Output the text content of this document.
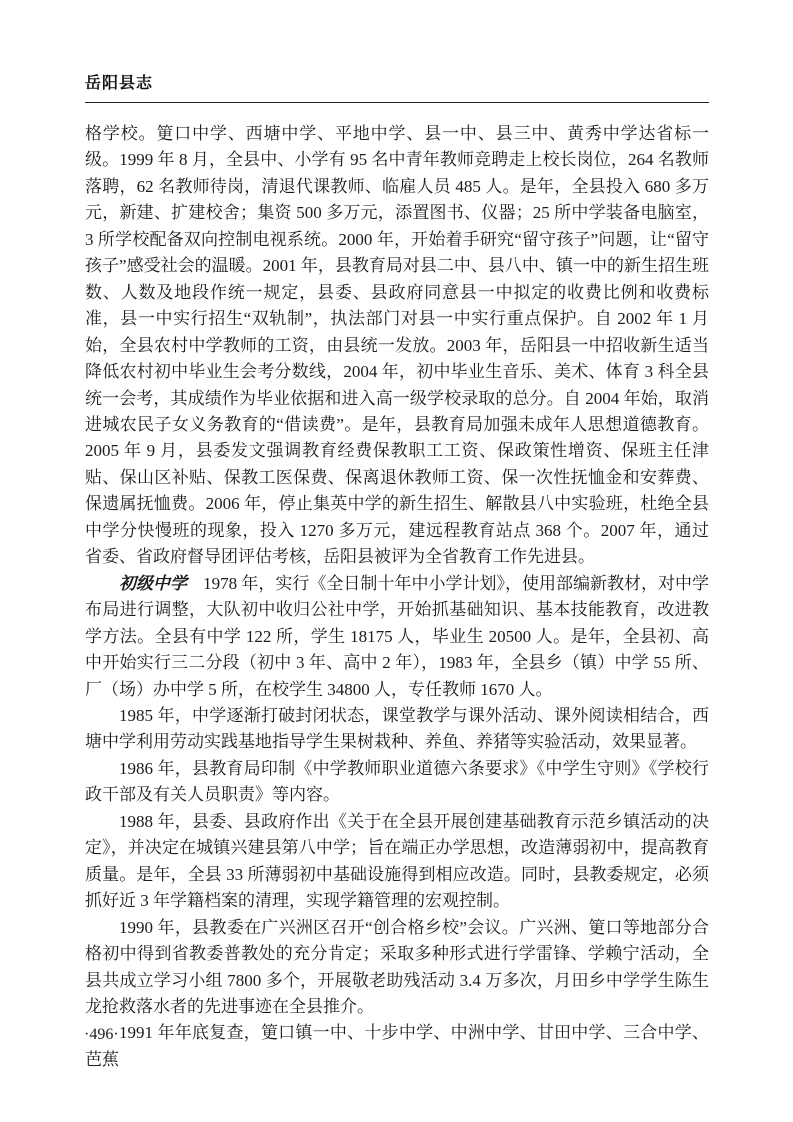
岳阳县志

格学校。筻口中学、西塘中学、平地中学、县一中、县三中、黄秀中学达省标一级。1999 年 8 月，全县中、小学有 95 名中青年教师竞聘走上校长岗位，264 名教师落聘，62 名教师待岗，清退代课教师、临雇人员 485 人。是年，全县投入 680 多万元，新建、扩建校舍；集资 500 多万元，添置图书、仪器；25 所中学装备电脑室，3 所学校配备双向控制电视系统。2000 年，开始着手研究“留守孩子”问题，让“留守孩子”感受社会的温暖。2001 年，县教育局对县二中、县八中、镇一中的新生招生班数、人数及地段作统一规定，县委、县政府同意县一中拟定的收费比例和收费标准，县一中实行招生“双轨制”，执法部门对县一中实行重点保护。自 2002 年 1 月始，全县农村中学教师的工资，由县统一发放。2003 年，岳阳县一中招收新生适当降低农村初中毕业生会考分数线，2004 年，初中毕业生音乐、美术、体育 3 科全县统一会考，其成绩作为毕业依据和进入高一级学校录取的总分。自 2004 年始，取消进城农民子女义务教育的“借读费”。是年，县教育局加强未成年人思想道德教育。2005 年 9 月，县委发文强调教育经费保教职工工资、保政策性增资、保班主任津贴、保山区补贴、保教工医保费、保离退休教师工资、保一次性抚恤金和安葬费、保遗属抚恤费。2006 年，停止集英中学的新生招生、解散县八中实验班，杜绝全县中学分快慢班的现象，投入 1270 多万元，建远程教育站点 368 个。2007 年，通过省委、省政府督导团评估考核，岳阳县被评为全省教育工作先进县。

初级中学 1978 年，实行《全日制十年中小学计划》，使用部编新教材，对中学布局进行调整，大队初中收归公社中学，开始抓基础知识、基本技能教育，改进教学方法。全县有中学 122 所，学生 18175 人，毕业生 20500 人。是年，全县初、高中开始实行三二分段（初中 3 年、高中 2 年），1983 年，全县乡（镇）中学 55 所、厂（场）办中学 5 所，在校学生 34800 人，专任教师 1670 人。

1985 年，中学逐渐打破封闭状态，课堂教学与课外活动、课外阅读相结合，西塘中学利用劳动实践基地指导学生果树栽种、养鱼、养猪等实验活动，效果显著。

1986 年，县教育局印制《中学教师职业道德六条要求》《中学生守则》《学校行政干部及有关人员职责》等内容。

1988 年，县委、县政府作出《关于在全县开展创建基础教育示范乡镇活动的决定》，并决定在城镇兴建县第八中学；旨在端正办学思想，改造薄弱初中，提高教育质量。是年，全县 33 所薄弱初中基础设施得到相应改造。同时，县教委规定，必须抓好近 3 年学籍档案的清理，实现学籍管理的宏观控制。

1990 年，县教委在广兴洲区召开“创合格乡校”会议。广兴洲、筻口等地部分合格初中得到省教委普教处的充分肯定；采取多种形式进行学雷锋、学赖宁活动，全县共成立学习小组 7800 多个，开展敬老助残活动 3.4 万多次，月田乡中学学生陈生龙抢救落水者的先进事迹在全县推介。

1991 年年底复查，筻口镇一中、十步中学、中洲中学、甘田中学、三合中学、芭蕉

·496·
